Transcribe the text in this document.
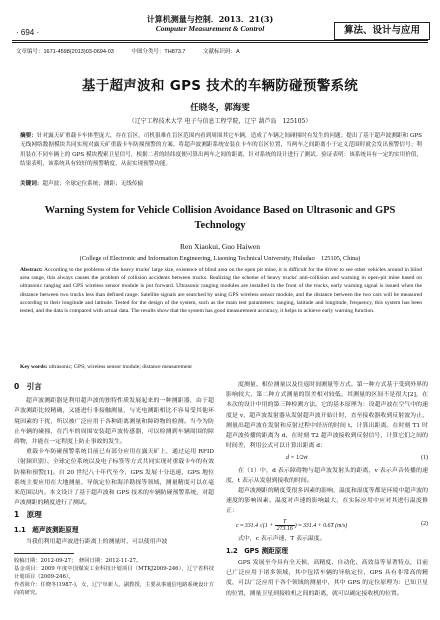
· 694 ·
计算机测量与控制．2013．21(3)
Computer Measurement & Control	算法、设计与应用
文章编号：1671-4598(2013)03-0694-03	中图分类号：TH873.7	文献标识码：A
基于超声波和 GPS 技术的车辆防碰预警系统
任晓冬，郭海雯
（辽宁工程技术大学 电子与信息工程学院，辽宁 葫芦岛　125105）
摘要：针对露天矿重载卡车体型庞大，存在盲区，司机很难在盲区范围内看到周围其它车辆，造成了车辆之间碰撞时有发生的问题；提出了基于超声波测距和 GPS 无线网络数据模块共同实现对露天矿重载卡车防撞预警的方案。将超声波测距系统安装在卡车的盲区位置，当两车之间距离小于定义范围时就会发出预警信号；利用装在不同车辆上的 GPS 模块搜索卫星信号，根据二者的经纬度便可算出两车之间的距离，针对系统的设计进行了测试。验证表明：该系统具有一定的实用价值，结果表明，该系统具有较好的预警精度，从而实现预警功能。
关键词：超声波；全球定位系统；测距；无线传输
Warning System for Vehicle Collision Avoidance Based on Ultrasonic and GPS Technology
Ren Xiaokui, Guo Haiwen
(College of Electronic and Information Engineering, Liaoning Technical University, Huludao　125105, China)
Abstract: According to the problems of the heavy trucks' large size, existence of blind area on the open pit mine, it is difficult for the driver to see other vehicles around in blind area range, this always causes the problem of collision accidents between trucks. Realizing the scheme of heavy trucks' anti-collision and warning in open-pit mine based on ultrasonic ranging and GPS wireless sensor module is put forward. Ultrasonic ranging modules are installed in the front of the trucks, early warning signal is issued when the distance between two trucks less than defined range. Satellite signals are searched by using GPS wireless sensor module, and the distance between the two cars will be measured according to their longitude and latitude. Tested for the design of the system, such as the main test parameters: ranging, latitude and longitude, frequency, this system has been tested, and the data is compared with actual data. The results show that the system has good measurement accuracy, it helps to achieve early warning function.
Key words: ultrasonic; GPS; wireless sensor module; distance measurement
0　引言

超声波测距器是利用超声波的独特性质发展起来的一种测距器，由于超声波测距比较精确，又能进行非接触测量，与光电测距相比不容易受其他环境因素的干扰，所以被广泛应用于各种距离测量和障碍物的检测。当今为防止车辆的碰撞，在汽车的周围安装超声波传感器，可以检测到车辆周围的障碍物，并能在一定程度上防止事故的发生。

重载卡车防碰预警系统目前已有部分应用在露天矿上，通过运用 RFID（射频识别）、全球定位系统以及电子标签等方式共同实现对重载卡车的有效防撞和预警[1]。自 20 世纪八十年代至今，GPS 发展十分迅速，GPS 地位系统主要应用在大地测量、导航定位和海洋勘探等领域，测量精度可以在毫米范围以内。本文设计了基于超声波和 GPS 技术的车辆防碰预警系统，对超声波测距的精度进行了测试。

1　原理
1.1　超声波测距原理

当我们利用超声波进行距离上的测量时，可以使用声波

收稿日期：2012-09-27；　修回日期：2012-11-27。
基金项目：2009 年度中国煤炭工业科技计划项目（MTKJ2009-246），辽宁省科技计划项目（2009-246）。
作者简介：任晓冬(1987-)，女，辽宁阜新人，副教授，主要从事通信电路系统设计方向的研究。

度测量、相位测量以及往返时间测量等方式。第一种方式基于受到外界的影响较大，第二种方式测量的误差相对较低。其测量的区间不是很大[2]，在本次的设计中用的第三种检测方法。它的基本原理为：设超声波在空气中的速度是 v，超声波发射器从发射超声波开始计时，直至接收器收到反射波为止，测量出超声波在发射和反射过程中经历的时间 t，计算出距离。在时刻 T1 时超声波传播的距离为 d，在时刻 T2 超声波接收到反射信号，计算它们之间的时间差，利用公式可以计算出距离 d：

d = 1/2vt	(1)

在（1）中，d 表示障碍物与超声波发射头的距离，v 表示声音传播的速度，t 表示从发射到接收的时间。

超声波测距的精度受很多因素的影响，温度和湿度等都是环境中超声波的速度的影响因素。温度对声速的影响最大，在实际应用中应对其进行温度修正：

c ≈ 331.4 $√(1 + \frac{T}{273.16}$ ) ≈ 331.4 + 0.6T (m/s)	(2)

式中，c 表示声速，T 表示温度。

1.2　GPS 测距原理

GPS 发展至今具有全天候、高精度、自动化、高效益等显著特点，目前已广泛应用于诸多领域，其中包括车辆的导航定位，GPS 具有非常高的精度，可以广泛应用于各个领域的测量中，其中 GPS 的定位原理为：已知卫星的位置，测量卫星到接收机之间的距离，就可以确定接收机的位置。
